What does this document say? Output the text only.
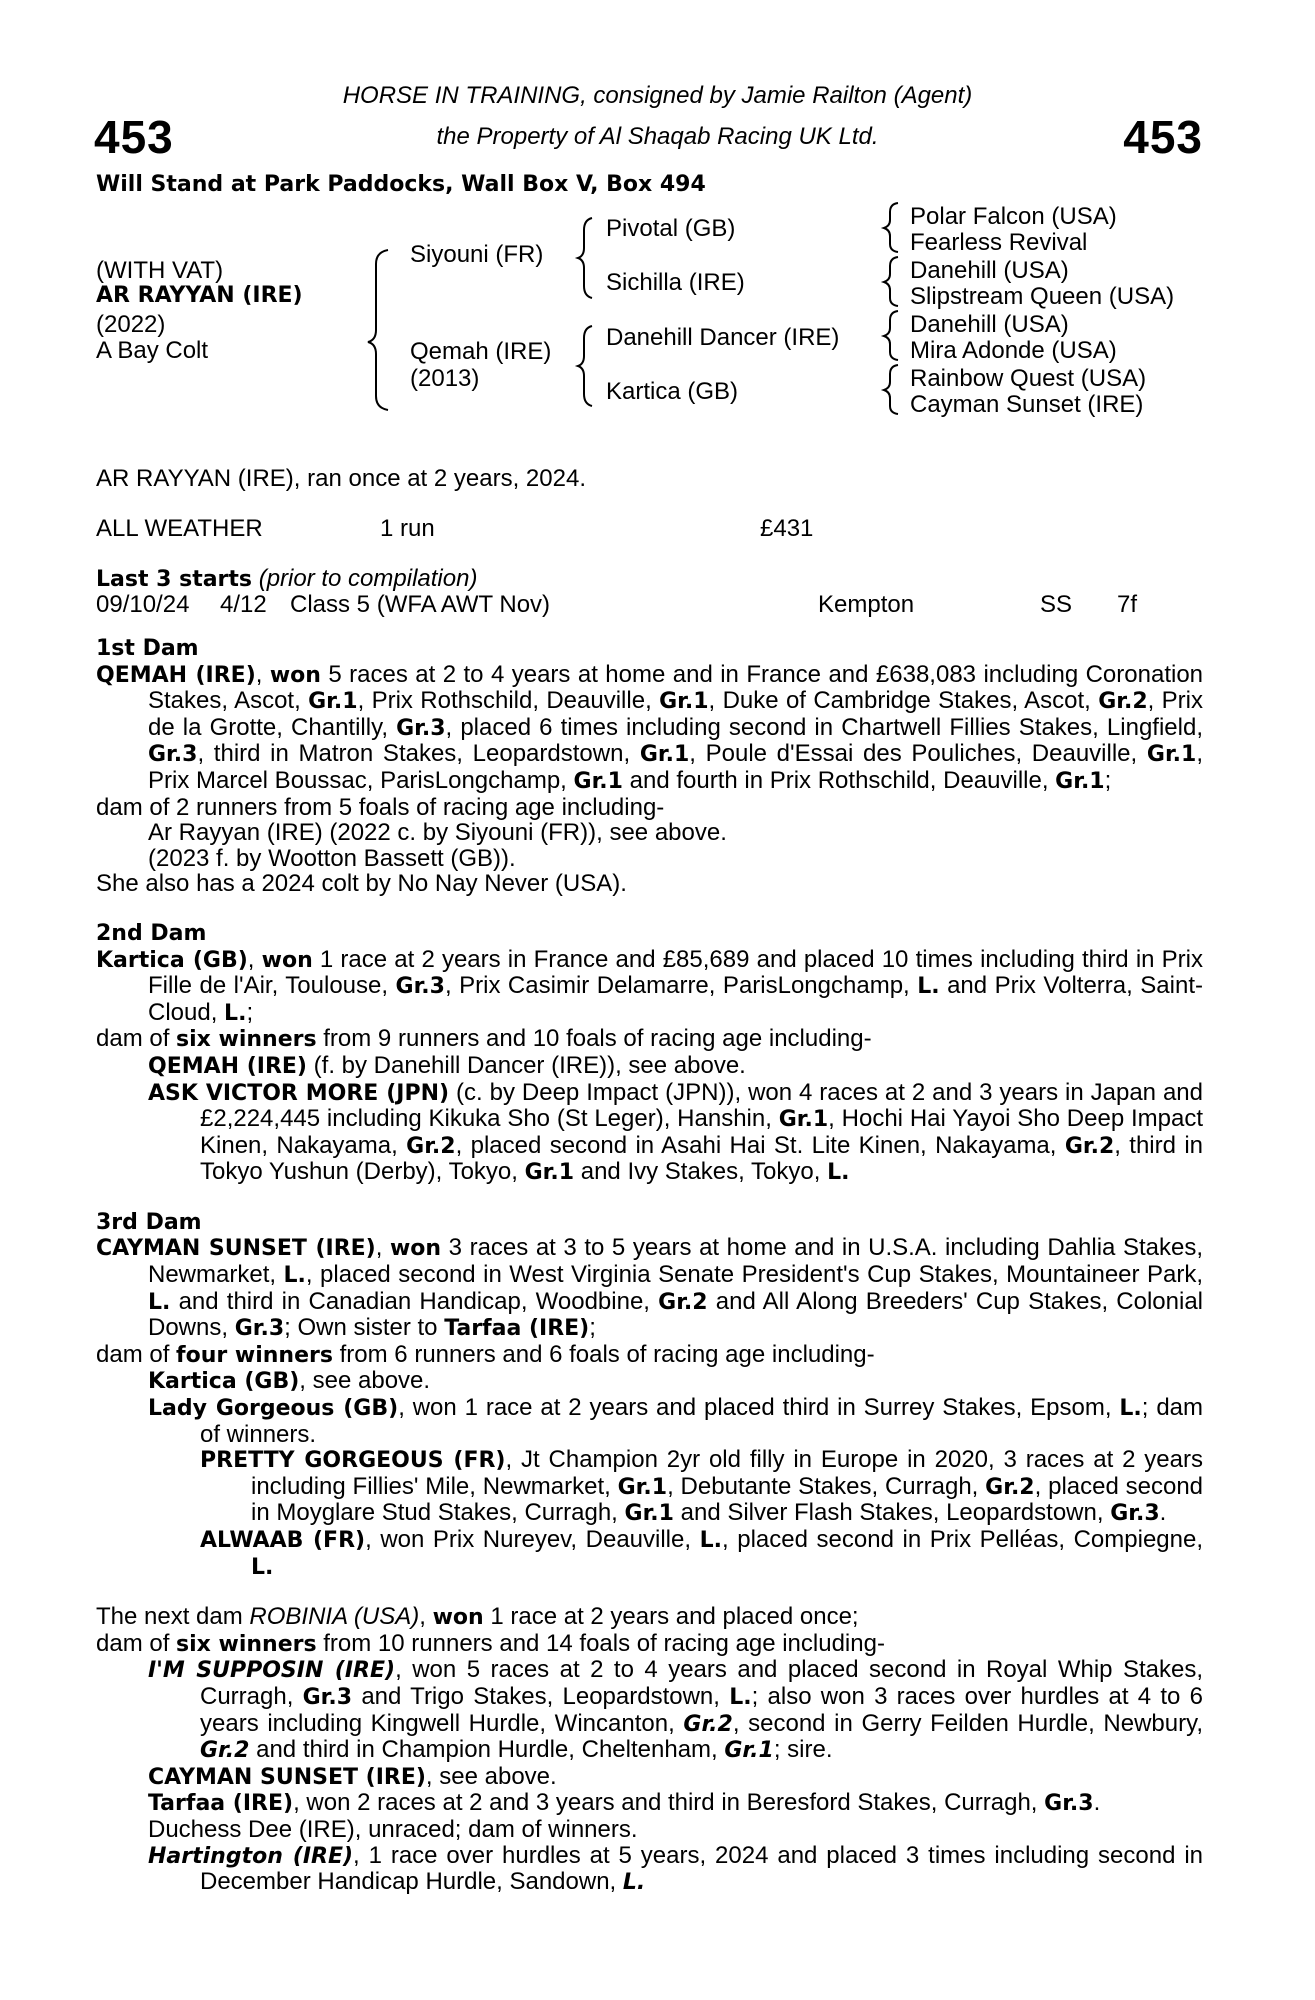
453	453
HORSE IN TRAINING, consigned by Jamie Railton (Agent)
the Property of Al Shaqab Racing UK Ltd.
Will Stand at Park Paddocks, Wall Box V, Box 494
(WITH VAT)
AR RAYYAN (IRE)
(2022)
A Bay Colt
Siyouni (FR)
Qemah (IRE)
(2013)
Pivotal (GB)
Sichilla (IRE)
Danehill Dancer (IRE)
Kartica (GB)
Polar Falcon (USA)
Fearless Revival
Danehill (USA)
Slipstream Queen (USA)
Danehill (USA)
Mira Adonde (USA)
Rainbow Quest (USA)
Cayman Sunset (IRE)
AR RAYYAN (IRE), ran once at 2 years, 2024.
ALL WEATHER	1 run	£431
Last 3 starts (prior to compilation)
09/10/24 4/12 Class 5 (WFA AWT Nov)	Kempton	SS 7f
1st Dam

QEMAH (IRE), won 5 races at 2 to 4 years at home and in France and £638,083 including Coronation Stakes, Ascot, Gr.1, Prix Rothschild, Deauville, Gr.1, Duke of Cambridge Stakes, Ascot, Gr.2, Prix de la Grotte, Chantilly, Gr.3, placed 6 times including second in Chartwell Fillies Stakes, Lingfield, Gr.3, third in Matron Stakes, Leopardstown, Gr.1, Poule d'Essai des Pouliches, Deauville, Gr.1, Prix Marcel Boussac, ParisLongchamp, Gr.1 and fourth in Prix Rothschild, Deauville, Gr.1;

dam of 2 runners from 5 foals of racing age including-

Ar Rayyan (IRE) (2022 c. by Siyouni (FR)), see above.

(2023 f. by Wootton Bassett (GB)).

She also has a 2024 colt by No Nay Never (USA).

2nd Dam

Kartica (GB), won 1 race at 2 years in France and £85,689 and placed 10 times including third in Prix Fille de l'Air, Toulouse, Gr.3, Prix Casimir Delamarre, ParisLongchamp, L. and Prix Volterra, Saint-Cloud, L.;

dam of six winners from 9 runners and 10 foals of racing age including-

QEMAH (IRE) (f. by Danehill Dancer (IRE)), see above.

ASK VICTOR MORE (JPN) (c. by Deep Impact (JPN)), won 4 races at 2 and 3 years in Japan and £2,224,445 including Kikuka Sho (St Leger), Hanshin, Gr.1, Hochi Hai Yayoi Sho Deep Impact Kinen, Nakayama, Gr.2, placed second in Asahi Hai St. Lite Kinen, Nakayama, Gr.2, third in Tokyo Yushun (Derby), Tokyo, Gr.1 and Ivy Stakes, Tokyo, L.

3rd Dam

CAYMAN SUNSET (IRE), won 3 races at 3 to 5 years at home and in U.S.A. including Dahlia Stakes, Newmarket, L., placed second in West Virginia Senate President's Cup Stakes, Mountaineer Park, L. and third in Canadian Handicap, Woodbine, Gr.2 and All Along Breeders' Cup Stakes, Colonial Downs, Gr.3; Own sister to Tarfaa (IRE);

dam of four winners from 6 runners and 6 foals of racing age including-

Kartica (GB), see above.

Lady Gorgeous (GB), won 1 race at 2 years and placed third in Surrey Stakes, Epsom, L.; dam of winners.

PRETTY GORGEOUS (FR), Jt Champion 2yr old filly in Europe in 2020, 3 races at 2 years including Fillies' Mile, Newmarket, Gr.1, Debutante Stakes, Curragh, Gr.2, placed second in Moyglare Stud Stakes, Curragh, Gr.1 and Silver Flash Stakes, Leopardstown, Gr.3.

ALWAAB (FR), won Prix Nureyev, Deauville, L., placed second in Prix Pelléas, Compiegne, L.

The next dam ROBINIA (USA), won 1 race at 2 years and placed once;

dam of six winners from 10 runners and 14 foals of racing age including-

I'M SUPPOSIN (IRE), won 5 races at 2 to 4 years and placed second in Royal Whip Stakes, Curragh, Gr.3 and Trigo Stakes, Leopardstown, L.; also won 3 races over hurdles at 4 to 6 years including Kingwell Hurdle, Wincanton, Gr.2, second in Gerry Feilden Hurdle, Newbury, Gr.2 and third in Champion Hurdle, Cheltenham, Gr.1; sire.

CAYMAN SUNSET (IRE), see above.

Tarfaa (IRE), won 2 races at 2 and 3 years and third in Beresford Stakes, Curragh, Gr.3.

Duchess Dee (IRE), unraced; dam of winners.

Hartington (IRE), 1 race over hurdles at 5 years, 2024 and placed 3 times including second in December Handicap Hurdle, Sandown, L.
